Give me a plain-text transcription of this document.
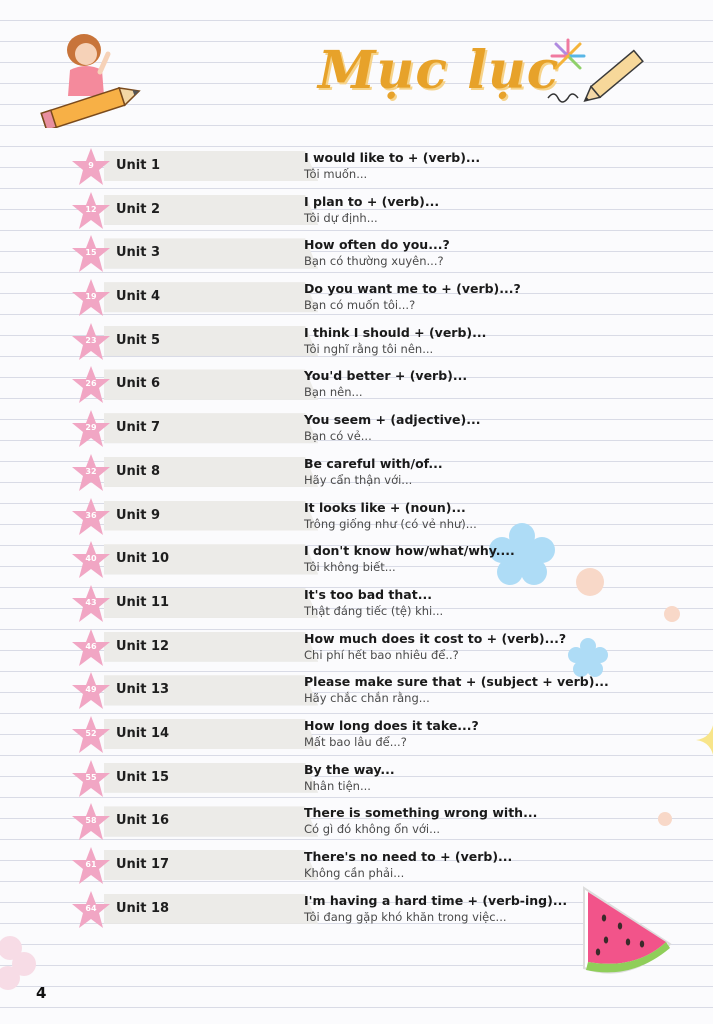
Mục lục
9	Unit 1
I would like to + (verb)...
Tôi muốn...
12	Unit 2
I plan to + (verb)...
Tôi dự định...
15	Unit 3
How often do you...?
Bạn có thường xuyên...?
19	Unit 4
Do you want me to + (verb)...?
Bạn có muốn tôi...?
23	Unit 5
I think I should + (verb)...
Tôi nghĩ rằng tôi nên...
26	Unit 6
You'd better + (verb)...
Bạn nên...
29	Unit 7
You seem + (adjective)...
Bạn có vẻ...
32	Unit 8
Be careful with/of...
Hãy cẩn thận với...
36	Unit 9
It looks like + (noun)...
Trông giống như (có vẻ như)...
40	Unit 10
I don't know how/what/why....
Tôi không biết...
43	Unit 11
It's too bad that...
Thật đáng tiếc (tệ) khi...
46	Unit 12
How much does it cost to + (verb)...?
Chi phí hết bao nhiêu để..?
49	Unit 13
Please make sure that + (subject + verb)...
Hãy chắc chắn rằng...
52	Unit 14
How long does it take...?
Mất bao lâu để...?
55	Unit 15
By the way...
Nhân tiện...
58	Unit 16
There is something wrong with...
Có gì đó không ổn với...
61	Unit 17
There's no need to + (verb)...
Không cần phải...
64	Unit 18
I'm having a hard time + (verb-ing)...
Tôi đang gặp khó khăn trong việc...
4
